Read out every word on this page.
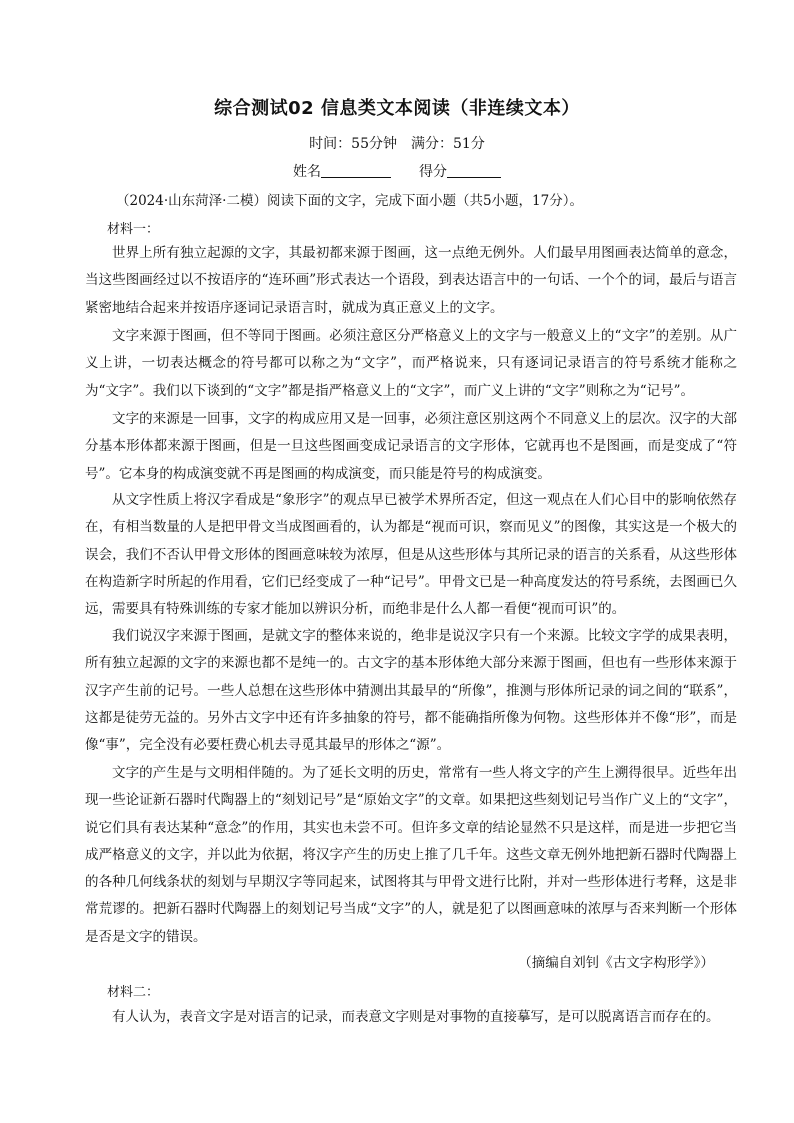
综合测试02 信息类文本阅读（非连续文本）
时间：55分钟 满分：51分
姓名	得分
（2024·山东菏泽·二模）阅读下面的文字，完成下面小题（共5小题，17分）。
材料一：

世界上所有独立起源的文字，其最初都来源于图画，这一点绝无例外。人们最早用图画表达简单的意念，当这些图画经过以不按语序的“连环画”形式表达一个语段，到表达语言中的一句话、一个个的词，最后与语言紧密地结合起来并按语序逐词记录语言时，就成为真正意义上的文字。

文字来源于图画，但不等同于图画。必须注意区分严格意义上的文字与一般意义上的“文字”的差别。从广义上讲，一切表达概念的符号都可以称之为“文字”，而严格说来，只有逐词记录语言的符号系统才能称之为“文字”。我们以下谈到的“文字”都是指严格意义上的“文字”，而广义上讲的“文字”则称之为“记号”。

文字的来源是一回事，文字的构成应用又是一回事，必须注意区别这两个不同意义上的层次。汉字的大部分基本形体都来源于图画，但是一旦这些图画变成记录语言的文字形体，它就再也不是图画，而是变成了“符号”。它本身的构成演变就不再是图画的构成演变，而只能是符号的构成演变。

从文字性质上将汉字看成是“象形字”的观点早已被学术界所否定，但这一观点在人们心目中的影响依然存在，有相当数量的人是把甲骨文当成图画看的，认为都是“视而可识，察而见义”的图像，其实这是一个极大的误会，我们不否认甲骨文形体的图画意味较为浓厚，但是从这些形体与其所记录的语言的关系看，从这些形体在构造新字时所起的作用看，它们已经变成了一种“记号”。甲骨文已是一种高度发达的符号系统，去图画已久远，需要具有特殊训练的专家才能加以辨识分析，而绝非是什么人都一看便“视而可识”的。

我们说汉字来源于图画，是就文字的整体来说的，绝非是说汉字只有一个来源。比较文字学的成果表明，所有独立起源的文字的来源也都不是纯一的。古文字的基本形体绝大部分来源于图画，但也有一些形体来源于汉字产生前的记号。一些人总想在这些形体中猜测出其最早的“所像”，推测与形体所记录的词之间的“联系”，这都是徒劳无益的。另外古文字中还有许多抽象的符号，都不能确指所像为何物。这些形体并不像“形”，而是像“事”，完全没有必要枉费心机去寻觅其最早的形体之“源”。

文字的产生是与文明相伴随的。为了延长文明的历史，常常有一些人将文字的产生上溯得很早。近些年出现一些论证新石器时代陶器上的“刻划记号”是“原始文字”的文章。如果把这些刻划记号当作广义上的“文字”，说它们具有表达某种“意念”的作用，其实也未尝不可。但许多文章的结论显然不只是这样，而是进一步把它当成严格意义的文字，并以此为依据，将汉字产生的历史上推了几千年。这些文章无例外地把新石器时代陶器上的各种几何线条状的刻划与早期汉字等同起来，试图将其与甲骨文进行比附，并对一些形体进行考释，这是非常荒谬的。把新石器时代陶器上的刻划记号当成“文字”的人，就是犯了以图画意味的浓厚与否来判断一个形体是否是文字的错误。

（摘编自刘钊《古文字构形学》）
材料二：

有人认为，表音文字是对语言的记录，而表意文字则是对事物的直接摹写，是可以脱离语言而存在的。
